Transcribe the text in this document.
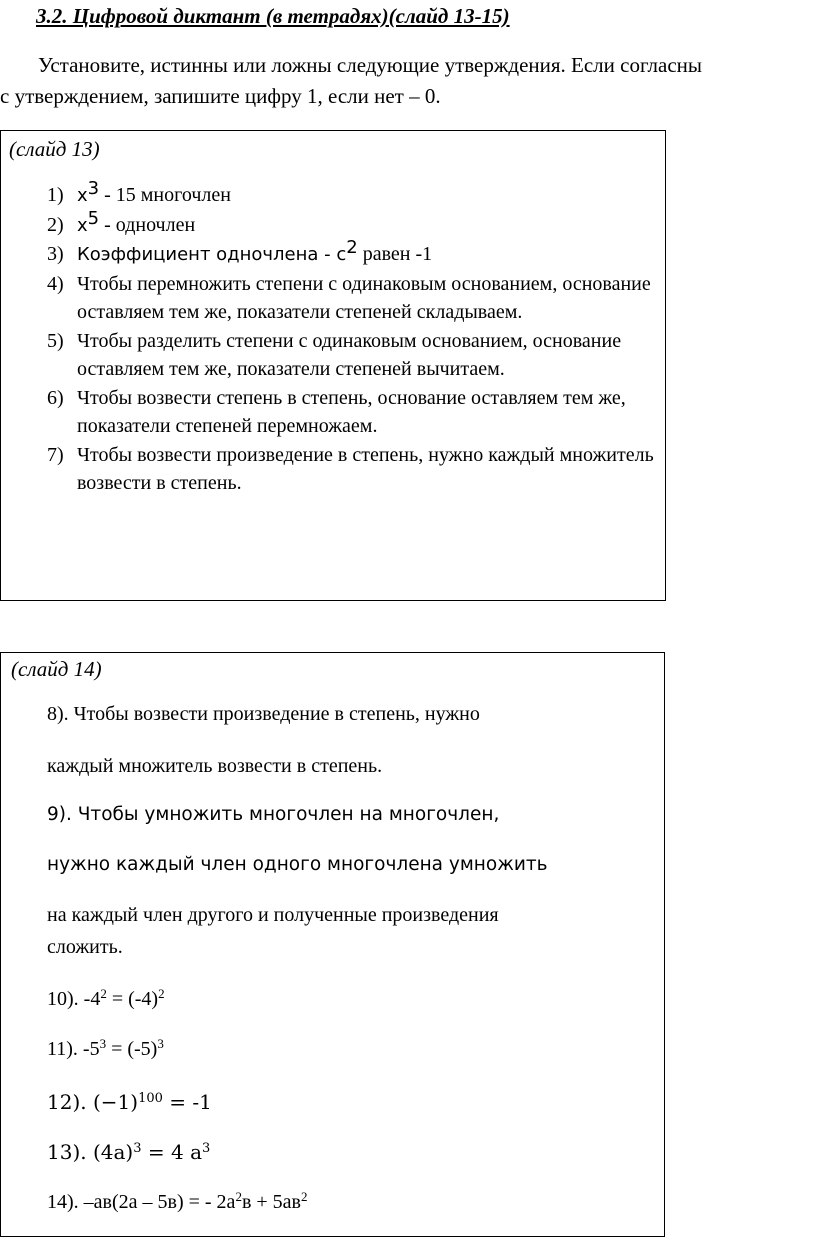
3.2. Цифровой диктант (в тетрадях)(слайд 13-15)
Установите, истинны или ложны следующие утверждения. Если согласны
с утверждением, запишите цифру 1, если нет – 0.
(слайд 13)
1) $х^3 - 15$ многочлен
2) $х^5$ - одночлен
3) Коэффициент одночлена - $с^2$ равен -1
4) Чтобы перемножить степени с одинаковым основанием, основание оставляем тем же, показатели степеней складываем.
5) Чтобы разделить степени с одинаковым основанием, основание оставляем тем же, показатели степеней вычитаем.
6) Чтобы возвести степень в степень, основание оставляем тем же, показатели степеней перемножаем.
7) Чтобы возвести произведение в степень, нужно каждый множитель возвести в степень.
(слайд 14)
8). Чтобы возвести произведение в степень, нужно
каждый множитель возвести в степень.
9). Чтобы умножить многочлен на многочлен,
нужно каждый член одного многочлена умножить
на каждый член другого и полученные произведения
сложить.
10). $-4^2 = (-4)^2$
11). $-5^3 = (-5)^3$
12). $(-1)^{100} = -1$
13). $(4а)^3 = 4$ $а^3$
14). –ав(2а – 5в) = - $2а^2в + 5ав^2$
